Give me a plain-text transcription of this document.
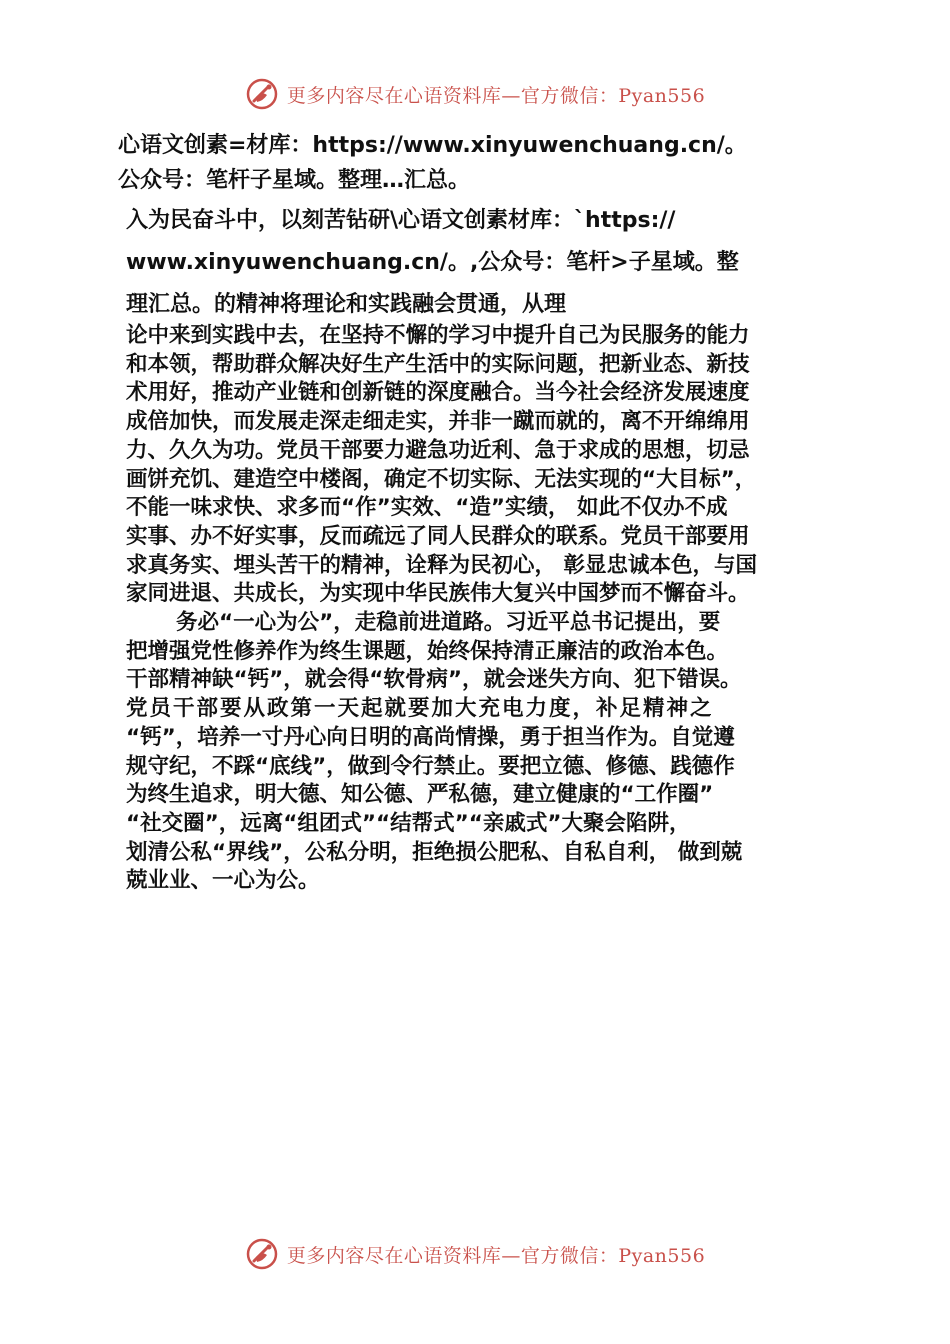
更多内容尽在心语资料库—官方微信：Pyan556
心语文创素=材库：https://www.xinyuwenchuang.cn/。
公众号：笔杆子星域。整理…汇总。
入为民奋斗中，以刻苦钻研\心语文创素材库：`https://
www.xinyuwenchuang.cn/。,公众号：笔杆>子星域。整
理汇总。的精神将理论和实践融会贯通，从理
论中来到实践中去，在坚持不懈的学习中提升自己为民服务的能力
和本领，帮助群众解决好生产生活中的实际问题，把新业态、新技
术用好，推动产业链和创新链的深度融合。当今社会经济发展速度
成倍加快，而发展走深走细走实，并非一蹴而就的，离不开绵绵用
力、久久为功。党员干部要力避急功近利、急于求成的思想，切忌
画饼充饥、建造空中楼阁，确定不切实际、无法实现的“大目标”，
不能一味求快、求多而“作”实效、“造”实绩， 如此不仅办不成
实事、办不好实事，反而疏远了同人民群众的联系。党员干部要用
求真务实、埋头苦干的精神，诠释为民初心， 彰显忠诚本色，与国
家同进退、共成长，为实现中华民族伟大复兴中国梦而不懈奋斗。
务必“一心为公”，走稳前进道路。习近平总书记提出，要
把增强党性修养作为终生课题，始终保持清正廉洁的政治本色。
干部精神缺“钙”，就会得“软骨病”，就会迷失方向、犯下错误。
党员干部要从政第一天起就要加大充电力度，补足精神之
“钙”，培养一寸丹心向日明的高尚情操，勇于担当作为。自觉遵
规守纪，不踩“底线”，做到令行禁止。要把立德、修德、践德作
为终生追求，明大德、知公德、严私德，建立健康的“工作圈”
“社交圈”，远离“组团式”“结帮式”“亲戚式”大聚会陷阱，
划清公私“界线”，公私分明，拒绝损公肥私、自私自利， 做到兢
兢业业、一心为公。
更多内容尽在心语资料库—官方微信：Pyan556
